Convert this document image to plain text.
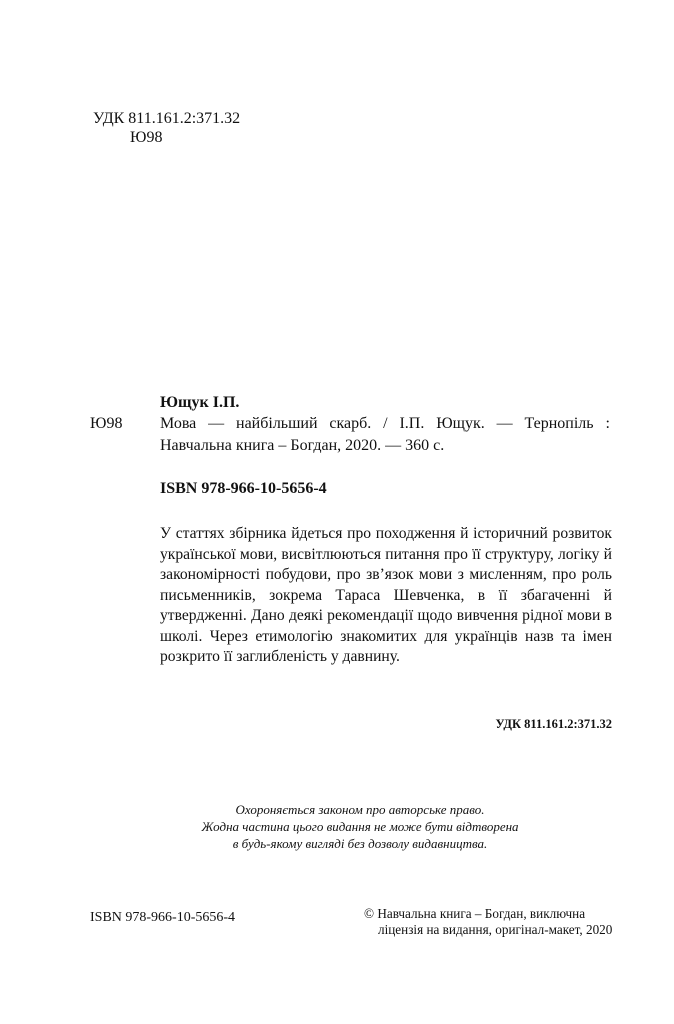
УДК 811.161.2:371.32
Ю98
Ющук І.П.
Ю98 Мова — найбільший скарб. / І.П. Ющук. — Тернопіль :
Навчальна книга – Богдан, 2020. — 360 с.
ISBN 978-966-10-5656-4
У статтях збірника йдеться про походження й історичний розвиток української мови, висвітлюються питання про її структуру, логіку й закономірності побудови, про зв’язок мови з мисленням, про роль письменників, зокрема Тараса Шевченка, в її збагаченні й утвердженні. Дано деякі рекомендації щодо вивчення рідної мови в школі. Через етимологію знакомитих для українців назв та імен розкрито її заглибленість у давнину.
УДК 811.161.2:371.32
Охороняється законом про авторське право.
Жодна частина цього видання не може бути відтворена
в будь-якому вигляді без дозволу видавництва.
ISBN 978-966-10-5656-4	© Навчальна книга – Богдан, виключна
ліцензія на видання, оригінал-макет, 2020
